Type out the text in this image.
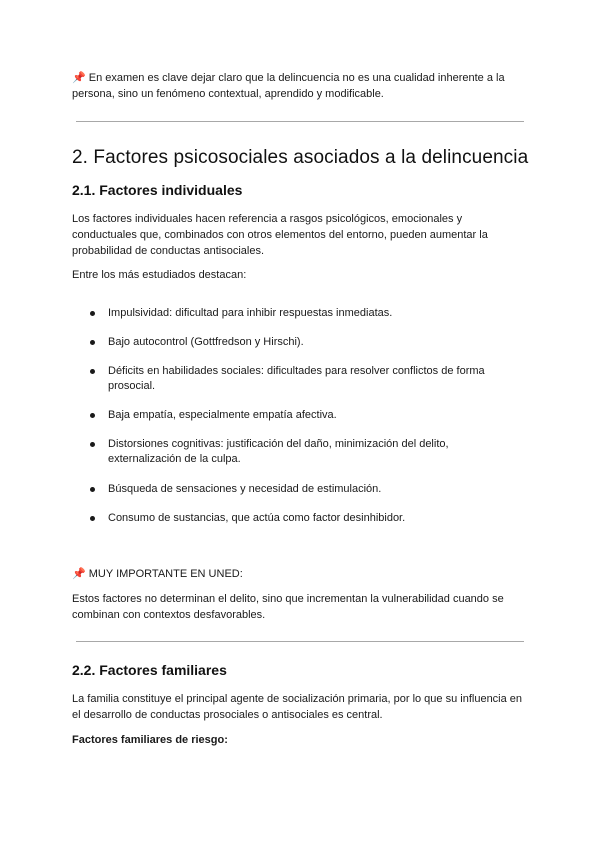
📌 En examen es clave dejar claro que la delincuencia no es una cualidad inherente a la persona, sino un fenómeno contextual, aprendido y modificable.

2. Factores psicosociales asociados a la delincuencia
2.1. Factores individuales

Los factores individuales hacen referencia a rasgos psicológicos, emocionales y conductuales que, combinados con otros elementos del entorno, pueden aumentar la probabilidad de conductas antisociales.

Entre los más estudiados destacan:

Impulsividad: dificultad para inhibir respuestas inmediatas.
Bajo autocontrol (Gottfredson y Hirschi).
Déficits en habilidades sociales: dificultades para resolver conflictos de forma prosocial.
Baja empatía, especialmente empatía afectiva.
Distorsiones cognitivas: justificación del daño, minimización del delito, externalización de la culpa.
Búsqueda de sensaciones y necesidad de estimulación.
Consumo de sustancias, que actúa como factor desinhibidor.

📌 MUY IMPORTANTE EN UNED:

Estos factores no determinan el delito, sino que incrementan la vulnerabilidad cuando se combinan con contextos desfavorables.

2.2. Factores familiares

La familia constituye el principal agente de socialización primaria, por lo que su influencia en el desarrollo de conductas prosociales o antisociales es central.

Factores familiares de riesgo:
